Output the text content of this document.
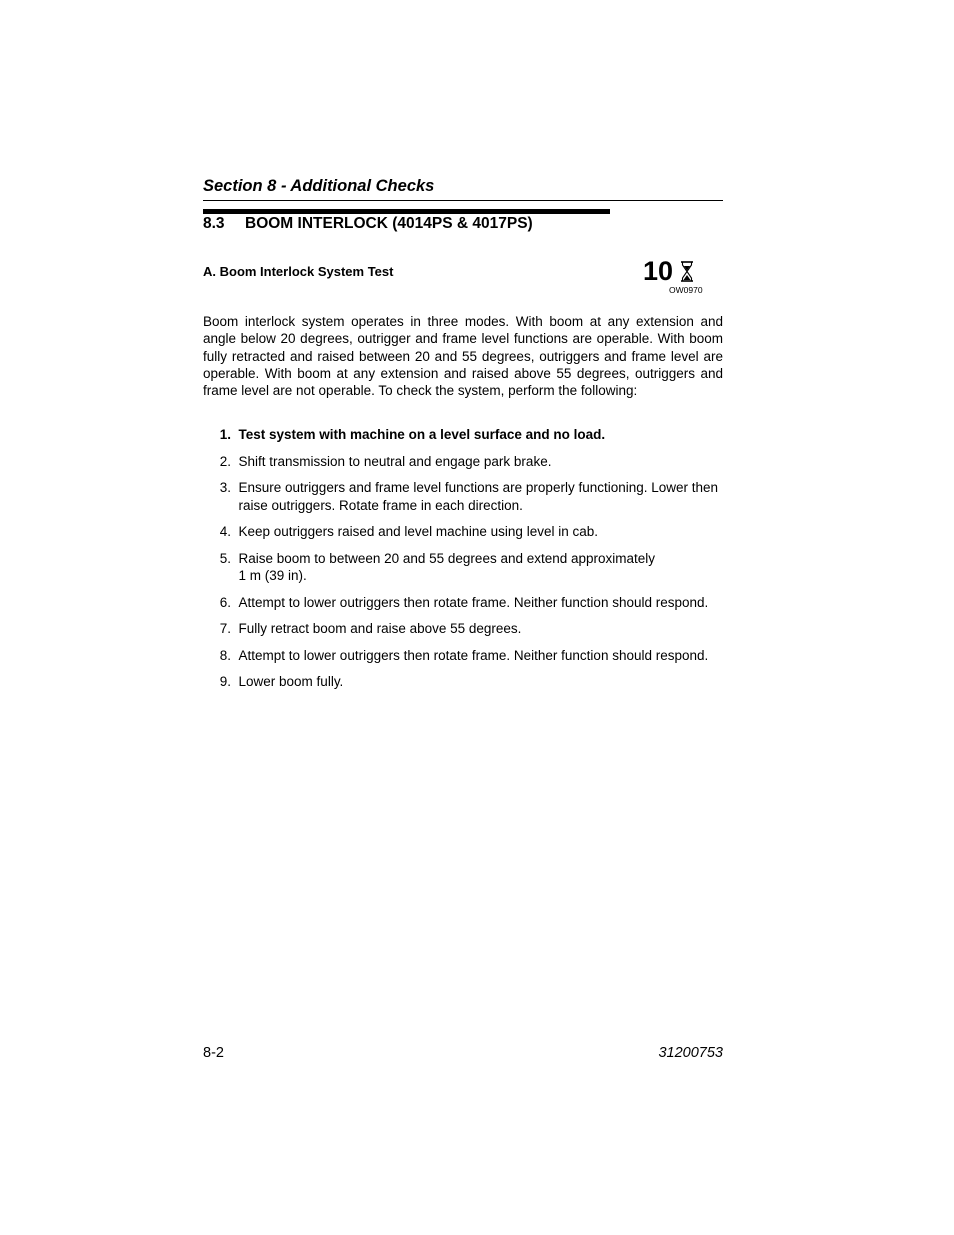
Section 8 - Additional Checks
8.3 BOOM INTERLOCK (4014PS & 4017PS)
A. Boom Interlock System Test	10
OW0970

Boom interlock system operates in three modes. With boom at any extension and angle below 20 degrees, outrigger and frame level functions are operable. With boom fully retracted and raised between 20 and 55 degrees, outriggers and frame level are operable. With boom at any extension and raised above 55 degrees, outriggers and frame level are not operable. To check the system, perform the following:

1.
Test system with machine on a level surface and no load.
2.
Shift transmission to neutral and engage park brake.
3.
Ensure outriggers and frame level functions are properly functioning. Lower then raise outriggers. Rotate frame in each direction.
4.
Keep outriggers raised and level machine using level in cab.
5.
Raise boom to between 20 and 55 degrees and extend approximately 1 m (39 in).
6.
Attempt to lower outriggers then rotate frame. Neither function should respond.
7.
Fully retract boom and raise above 55 degrees.
8.
Attempt to lower outriggers then rotate frame. Neither function should respond.
9.
Lower boom fully.
8-2	31200753
